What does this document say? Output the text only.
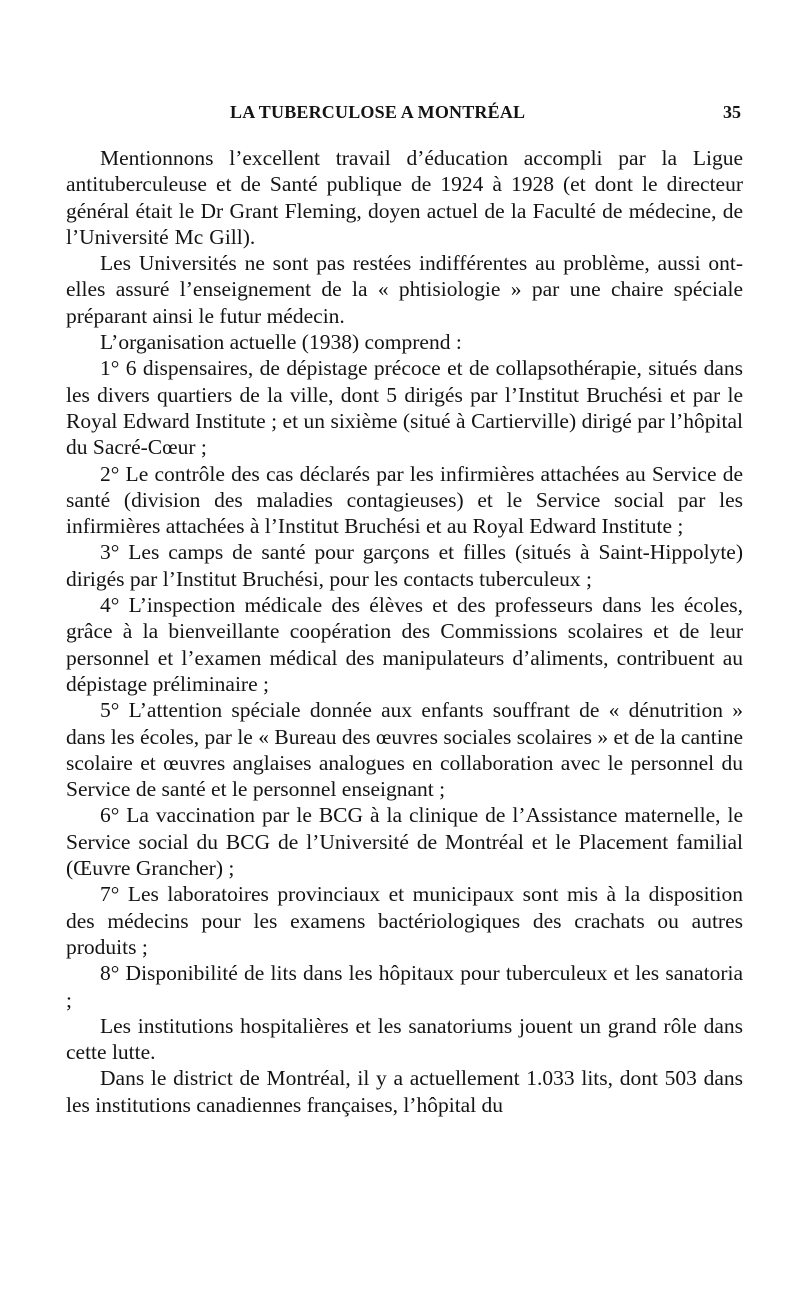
LA TUBERCULOSE A MONTRÉAL	35

Mentionnons l’excellent travail d’éducation accompli par la Ligue antituberculeuse et de Santé publique de 1924 à 1928 (et dont le directeur général était le Dr Grant Fleming, doyen actuel de la Faculté de médecine, de l’Université Mc Gill).

Les Universités ne sont pas restées indifférentes au problème, aussi ont-elles assuré l’enseignement de la « phtisiologie » par une chaire spéciale préparant ainsi le futur médecin.

L’organisation actuelle (1938) comprend :

1° 6 dispensaires, de dépistage précoce et de collapsothérapie, situés dans les divers quartiers de la ville, dont 5 dirigés par l’Institut Bruchési et par le Royal Edward Institute ; et un sixième (situé à Cartierville) dirigé par l’hôpital du Sacré-Cœur ;

2° Le contrôle des cas déclarés par les infirmières attachées au Service de santé (division des maladies contagieuses) et le Service social par les infirmières attachées à l’Institut Bruchési et au Royal Edward Institute ;

3° Les camps de santé pour garçons et filles (situés à Saint-Hippolyte) dirigés par l’Institut Bruchési, pour les contacts tuberculeux ;

4° L’inspection médicale des élèves et des professeurs dans les écoles, grâce à la bienveillante coopération des Commissions scolaires et de leur personnel et l’examen médical des manipulateurs d’aliments, contribuent au dépistage préliminaire ;

5° L’attention spéciale donnée aux enfants souffrant de « dénutrition » dans les écoles, par le « Bureau des œuvres sociales scolaires » et de la cantine scolaire et œuvres anglaises analogues en collaboration avec le personnel du Service de santé et le personnel enseignant ;

6° La vaccination par le BCG à la clinique de l’Assistance maternelle, le Service social du BCG de l’Université de Montréal et le Placement familial (Œuvre Grancher) ;

7° Les laboratoires provinciaux et municipaux sont mis à la disposition des médecins pour les examens bactériologiques des crachats ou autres produits ;

8° Disponibilité de lits dans les hôpitaux pour tuberculeux et les sanatoria ;

Les institutions hospitalières et les sanatoriums jouent un grand rôle dans cette lutte.

Dans le district de Montréal, il y a actuellement 1.033 lits, dont 503 dans les institutions canadiennes françaises, l’hôpital du
